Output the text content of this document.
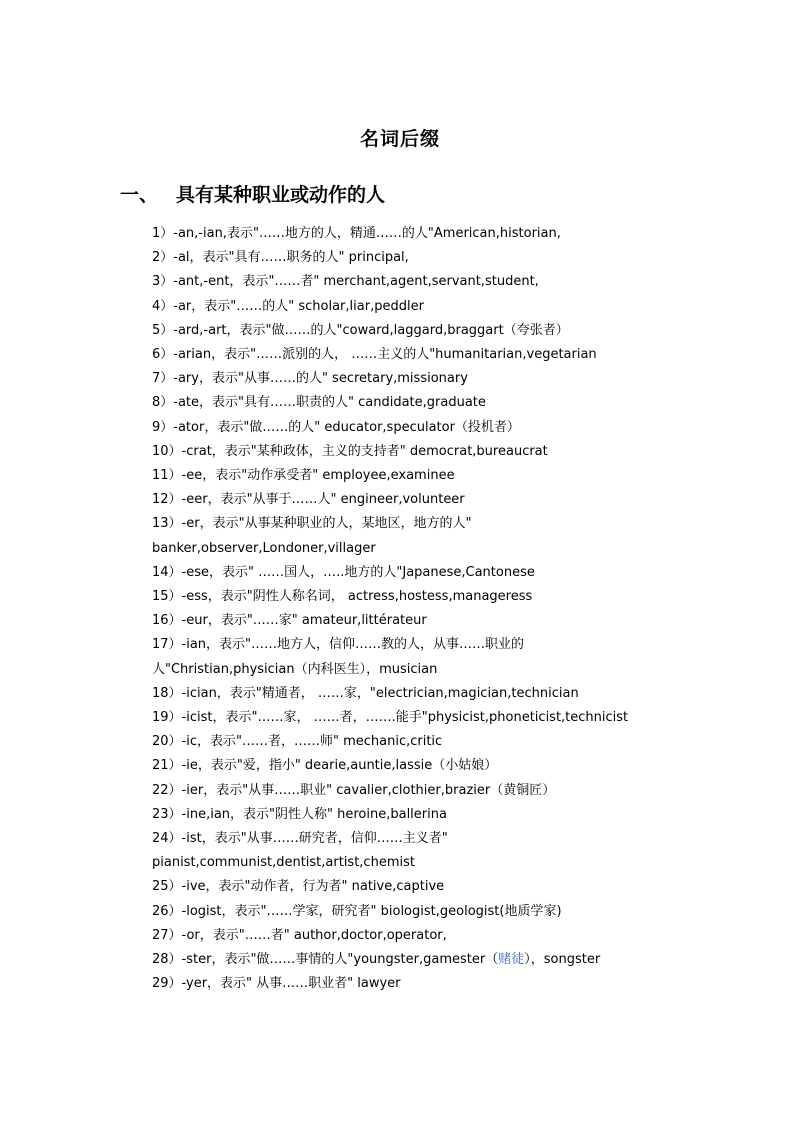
名词后缀
一、 具有某种职业或动作的人
1）-an,-ian,表示"……地方的人，精通……的人"American,historian,
2）-al，表示"具有……职务的人" principal,
3）-ant,-ent，表示"……者" merchant,agent,servant,student,
4）-ar，表示"……的人" scholar,liar,peddler
5）-ard,-art，表示"做……的人"coward,laggard,braggart（夸张者）
6）-arian，表示"……派别的人， ……主义的人"humanitarian,vegetarian
7）-ary，表示"从事……的人" secretary,missionary
8）-ate，表示"具有……职责的人" candidate,graduate
9）-ator，表示"做……的人" educator,speculator（投机者）
10）-crat，表示"某种政体，主义的支持者" democrat,bureaucrat
11）-ee，表示"动作承受者" employee,examinee
12）-eer，表示"从事于……人" engineer,volunteer
13）-er，表示"从事某种职业的人，某地区，地方的人"
banker,observer,Londoner,villager
14）-ese，表示" ……国人，…..地方的人"Japanese,Cantonese
15）-ess，表示"阴性人称名词， actress,hostess,manageress
16）-eur，表示"……家" amateur,littérateur
17）-ian，表示"……地方人，信仰……教的人，从事……职业的
人"Christian,physician（内科医生），musician
18）-ician，表示"精通者， ……家，"electrician,magician,technician
19）-icist，表示"……家， ……者，…….能手"physicist,phoneticist,technicist
20）-ic，表示"……者，……师" mechanic,critic
21）-ie，表示"爱，指小" dearie,auntie,lassie（小姑娘）
22）-ier，表示"从事……职业" cavalier,clothier,brazier（黄铜匠）
23）-ine,ian，表示"阴性人称" heroine,ballerina
24）-ist，表示"从事……研究者，信仰……主义者"
pianist,communist,dentist,artist,chemist
25）-ive，表示"动作者，行为者" native,captive
26）-logist，表示"……学家，研究者" biologist,geologist(地质学家)
27）-or，表示"……者" author,doctor,operator,
28）-ster，表示"做……事情的人"youngster,gamester（赌徒），songster
29）-yer，表示" 从事……职业者" lawyer
